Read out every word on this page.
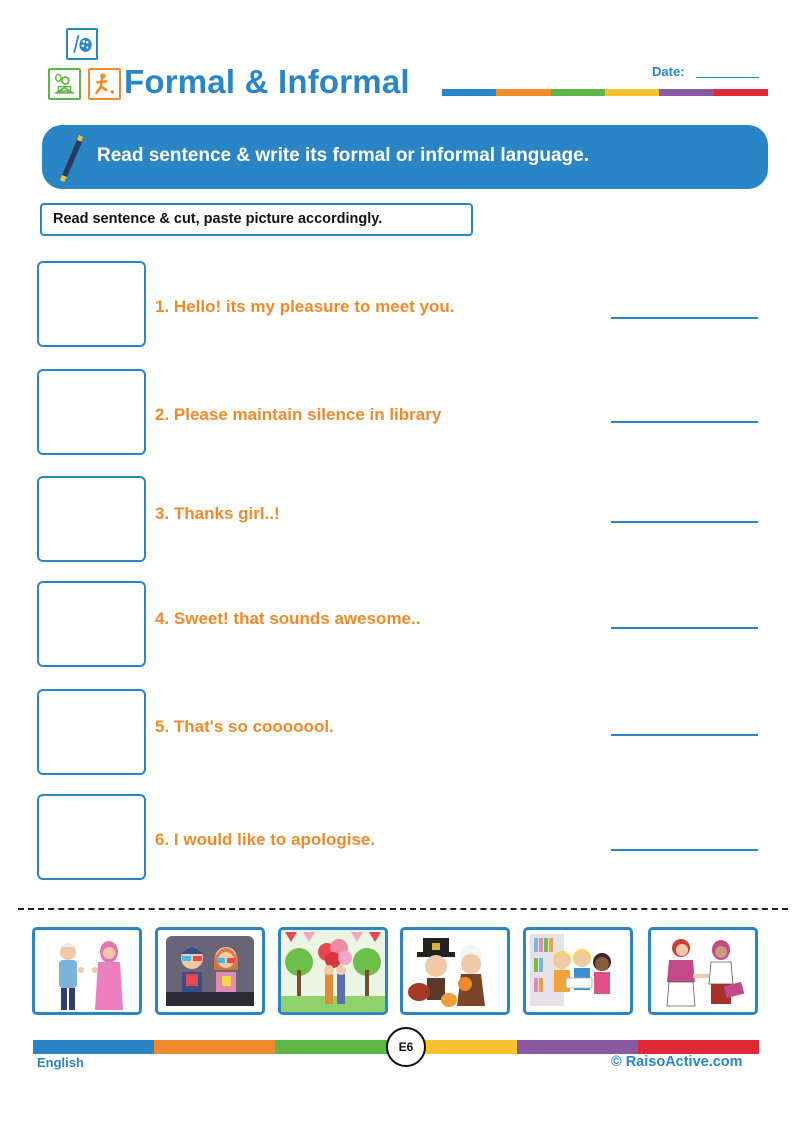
Formal & Informal	Date:
Read sentence & write its formal or informal language.
Read sentence & cut, paste picture accordingly.
1. Hello! its my pleasure to meet you.
2. Please maintain silence in library
3. Thanks girl..!
4. Sweet! that sounds awesome..
5. That's so cooooool.
6. I would like to apologise.
E6
English	© RaisoActive.com
